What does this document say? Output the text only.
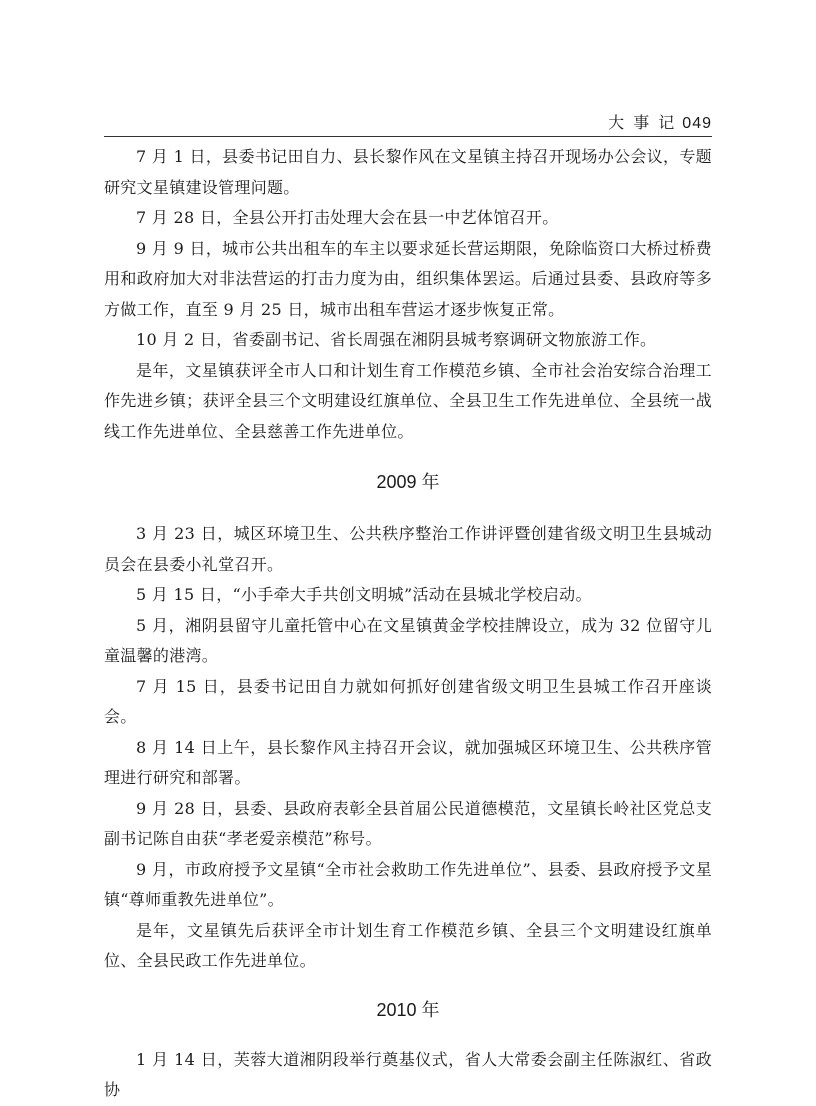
大 事 记 049

7 月 1 日，县委书记田自力、县长黎作风在文星镇主持召开现场办公会议，专题研究文星镇建设管理问题。

7 月 28 日，全县公开打击处理大会在县一中艺体馆召开。

9 月 9 日，城市公共出租车的车主以要求延长营运期限，免除临资口大桥过桥费用和政府加大对非法营运的打击力度为由，组织集体罢运。后通过县委、县政府等多方做工作，直至 9 月 25 日，城市出租车营运才逐步恢复正常。

10 月 2 日，省委副书记、省长周强在湘阴县城考察调研文物旅游工作。

是年，文星镇获评全市人口和计划生育工作模范乡镇、全市社会治安综合治理工作先进乡镇；获评全县三个文明建设红旗单位、全县卫生工作先进单位、全县统一战线工作先进单位、全县慈善工作先进单位。

2009 年

3 月 23 日，城区环境卫生、公共秩序整治工作讲评暨创建省级文明卫生县城动员会在县委小礼堂召开。

5 月 15 日，“小手牵大手共创文明城”活动在县城北学校启动。

5 月，湘阴县留守儿童托管中心在文星镇黄金学校挂牌设立，成为 32 位留守儿童温馨的港湾。

7 月 15 日，县委书记田自力就如何抓好创建省级文明卫生县城工作召开座谈会。

8 月 14 日上午，县长黎作风主持召开会议，就加强城区环境卫生、公共秩序管理进行研究和部署。

9 月 28 日，县委、县政府表彰全县首届公民道德模范，文星镇长岭社区党总支副书记陈自由获“孝老爱亲模范”称号。

9 月，市政府授予文星镇“全市社会救助工作先进单位”、县委、县政府授予文星镇“尊师重教先进单位”。

是年，文星镇先后获评全市计划生育工作模范乡镇、全县三个文明建设红旗单位、全县民政工作先进单位。

2010 年

1 月 14 日，芙蓉大道湘阴段举行奠基仪式，省人大常委会副主任陈淑红、省政协
